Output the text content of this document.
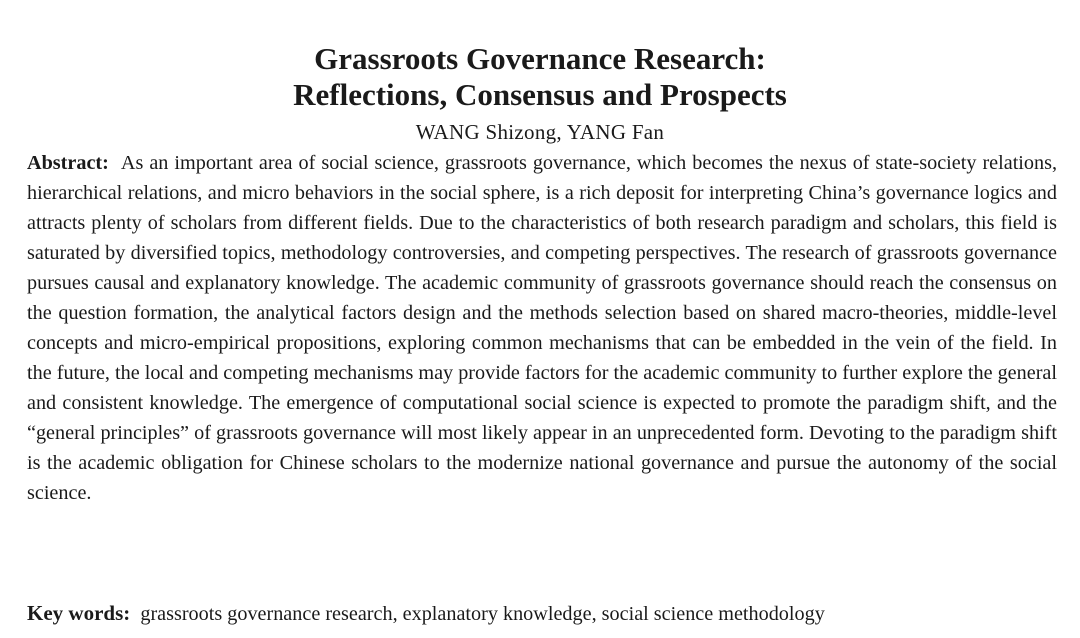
Grassroots Governance Research:
Reflections, Consensus and Prospects
WANG Shizong, YANG Fan

Abstract: As an important area of social science, grassroots governance, which becomes the nexus of state-society relations, hierarchical relations, and micro behaviors in the social sphere, is a rich deposit for interpreting China’s governance logics and attracts plenty of scholars from different fields. Due to the characteristics of both research paradigm and scholars, this field is saturated by diversified topics, methodology controversies, and competing perspectives. The research of grassroots governance pursues causal and explanatory knowledge. The academic community of grassroots governance should reach the consensus on the question formation, the analytical factors design and the methods selection based on shared macro-theories, middle-level concepts and micro-empirical propositions, exploring common mechanisms that can be embedded in the vein of the field. In the future, the local and competing mechanisms may provide factors for the academic community to further explore the general and consistent knowledge. The emergence of computational social science is expected to promote the paradigm shift, and the “general principles” of grassroots governance will most likely appear in an unprecedented form. Devoting to the paradigm shift is the academic obligation for Chinese scholars to the modernize national governance and pursue the autonomy of the social science.

Key words: grassroots governance research, explanatory knowledge, social science methodology
